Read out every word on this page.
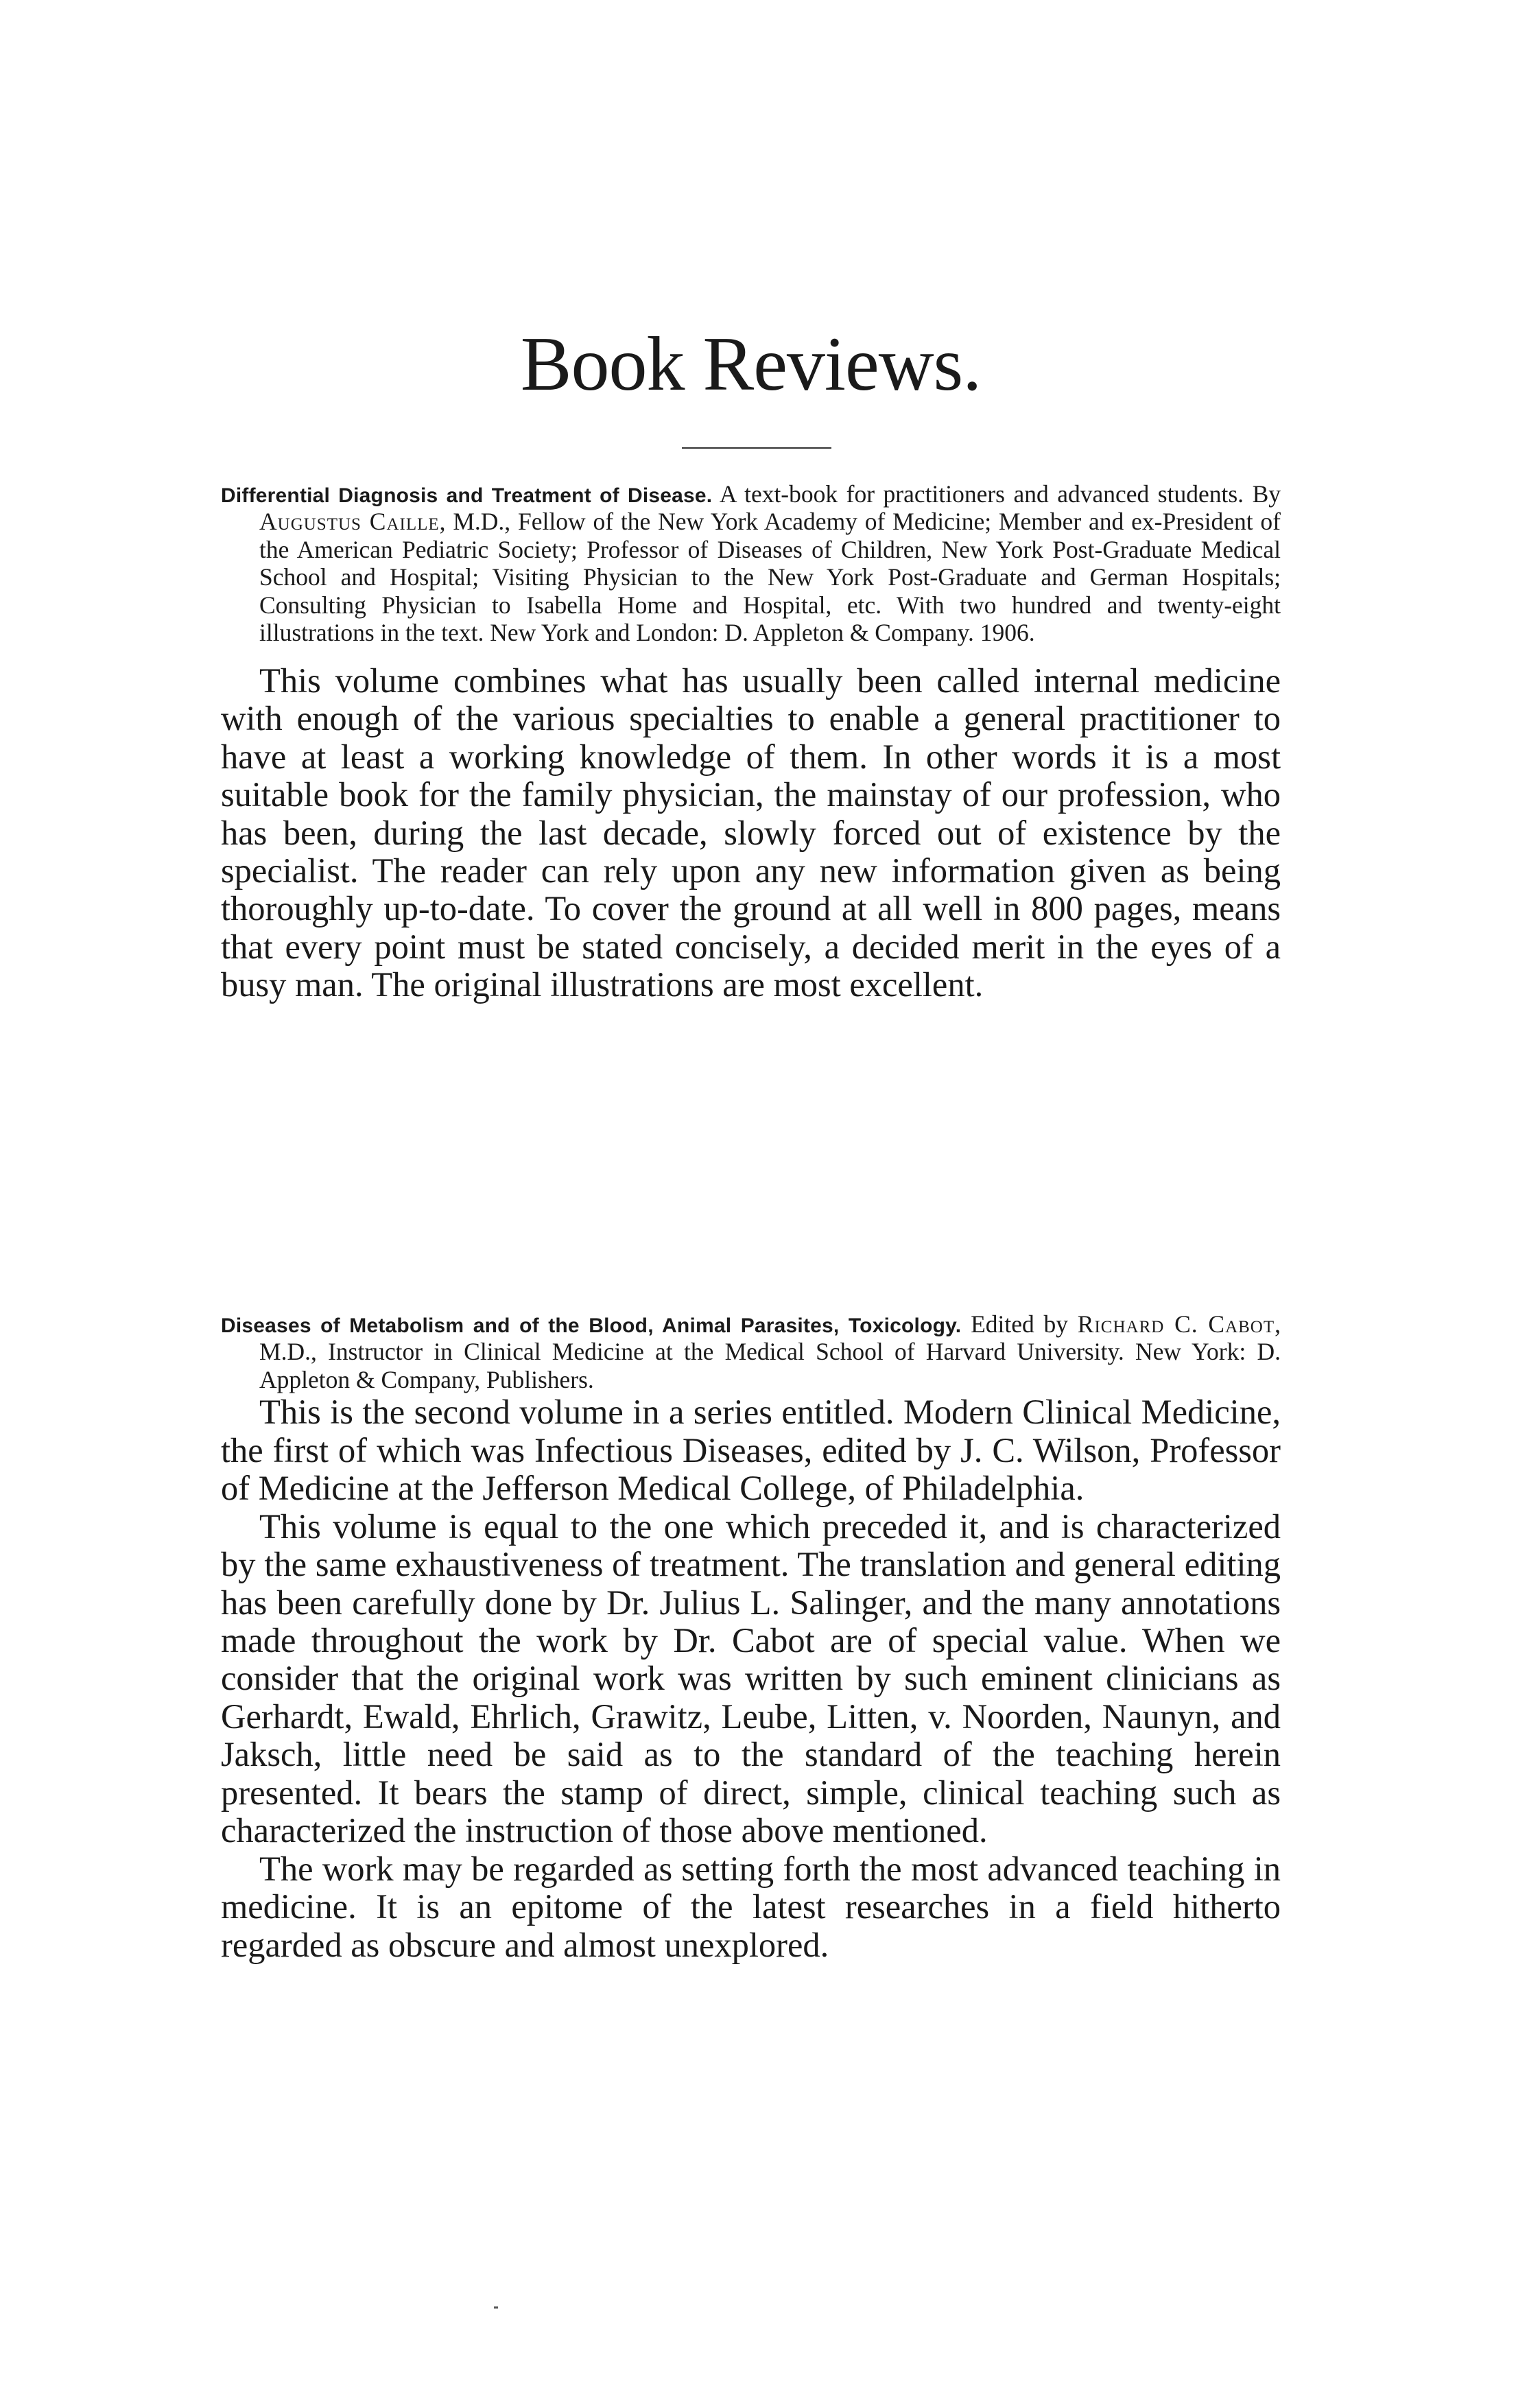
Book Reviews.

Differential Diagnosis and Treatment of Disease. A text-book for practitioners and advanced students. By Augustus Caille, M.D., Fellow of the New York Academy of Medicine; Member and ex-President of the American Pediatric Society; Professor of Diseases of Children, New York Post-Graduate Medical School and Hospital; Visiting Physician to the New York Post-Graduate and German Hospitals; Consulting Physician to Isabella Home and Hospital, etc. With two hundred and twenty-eight illustrations in the text. New York and London: D. Appleton & Company. 1906.

This volume combines what has usually been called internal medicine with enough of the various specialties to enable a general practitioner to have at least a working knowledge of them. In other words it is a most suitable book for the family physician, the mainstay of our profession, who has been, during the last decade, slowly forced out of existence by the specialist. The reader can rely upon any new information given as being thoroughly up-to-date. To cover the ground at all well in 800 pages, means that every point must be stated concisely, a decided merit in the eyes of a busy man. The original illustrations are most excellent.

Diseases of Metabolism and of the Blood, Animal Parasites, Toxicology. Edited by Richard C. Cabot, M.D., Instructor in Clinical Medicine at the Medical School of Harvard University. New York: D. Appleton & Company, Publishers.

This is the second volume in a series entitled. Modern Clinical Medicine, the first of which was Infectious Diseases, edited by J. C. Wilson, Professor of Medicine at the Jefferson Medical College, of Philadelphia.

This volume is equal to the one which preceded it, and is characterized by the same exhaustiveness of treatment. The translation and general editing has been carefully done by Dr. Julius L. Salinger, and the many annotations made throughout the work by Dr. Cabot are of special value. When we consider that the original work was written by such eminent clinicians as Gerhardt, Ewald, Ehrlich, Grawitz, Leube, Litten, v. Noorden, Naunyn, and Jaksch, little need be said as to the standard of the teaching herein presented. It bears the stamp of direct, simple, clinical teaching such as characterized the instruction of those above mentioned.

The work may be regarded as setting forth the most advanced teaching in medicine. It is an epitome of the latest researches in a field hitherto regarded as obscure and almost unexplored.
